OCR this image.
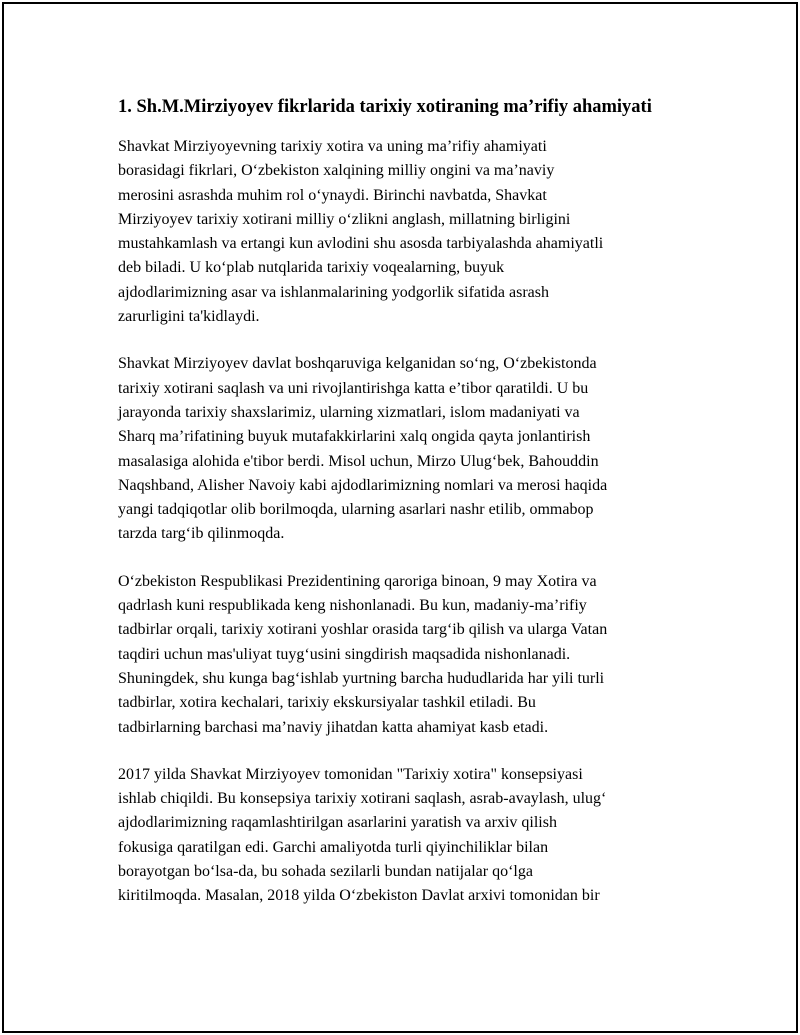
1. Sh.M.Mirziyoyev fikrlarida tarixiy xotiraning ma’rifiy ahamiyati

Shavkat Mirziyoyevning tarixiy xotira va uning ma’rifiy ahamiyati
borasidagi fikrlari, O‘zbekiston xalqining milliy ongini va ma’naviy
merosini asrashda muhim rol o‘ynaydi. Birinchi navbatda, Shavkat
Mirziyoyev tarixiy xotirani milliy o‘zlikni anglash, millatning birligini
mustahkamlash va ertangi kun avlodini shu asosda tarbiyalashda ahamiyatli
deb biladi. U ko‘plab nutqlarida tarixiy voqealarning, buyuk
ajdodlarimizning asar va ishlanmalarining yodgorlik sifatida asrash
zarurligini ta'kidlaydi.

Shavkat Mirziyoyev davlat boshqaruviga kelganidan so‘ng, O‘zbekistonda
tarixiy xotirani saqlash va uni rivojlantirishga katta e’tibor qaratildi. U bu
jarayonda tarixiy shaxslarimiz, ularning xizmatlari, islom madaniyati va
Sharq ma’rifatining buyuk mutafakkirlarini xalq ongida qayta jonlantirish
masalasiga alohida e'tibor berdi. Misol uchun, Mirzo Ulug‘bek, Bahouddin
Naqshband, Alisher Navoiy kabi ajdodlarimizning nomlari va merosi haqida
yangi tadqiqotlar olib borilmoqda, ularning asarlari nashr etilib, ommabop
tarzda targ‘ib qilinmoqda.

O‘zbekiston Respublikasi Prezidentining qaroriga binoan, 9 may Xotira va
qadrlash kuni respublikada keng nishonlanadi. Bu kun, madaniy-ma’rifiy
tadbirlar orqali, tarixiy xotirani yoshlar orasida targ‘ib qilish va ularga Vatan
taqdiri uchun mas'uliyat tuyg‘usini singdirish maqsadida nishonlanadi.
Shuningdek, shu kunga bag‘ishlab yurtning barcha hududlarida har yili turli
tadbirlar, xotira kechalari, tarixiy ekskursiyalar tashkil etiladi. Bu
tadbirlarning barchasi ma’naviy jihatdan katta ahamiyat kasb etadi.

2017 yilda Shavkat Mirziyoyev tomonidan "Tarixiy xotira" konsepsiyasi
ishlab chiqildi. Bu konsepsiya tarixiy xotirani saqlash, asrab-avaylash, ulug‘
ajdodlarimizning raqamlashtirilgan asarlarini yaratish va arxiv qilish
fokusiga qaratilgan edi. Garchi amaliyotda turli qiyinchiliklar bilan
borayotgan bo‘lsa-da, bu sohada sezilarli bundan natijalar qo‘lga
kiritilmoqda. Masalan, 2018 yilda O‘zbekiston Davlat arxivi tomonidan bir
